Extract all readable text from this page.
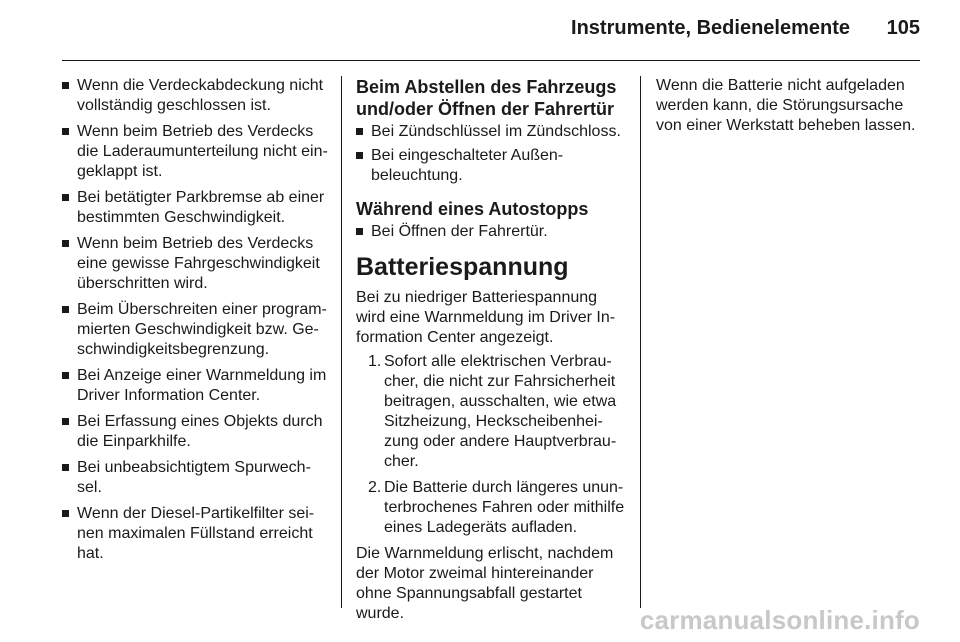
Instrumente, Bedienelemente 105
Wenn die Verdeckabdeckung nicht vollständig geschlossen ist.
Wenn beim Betrieb des Verdecks die Laderaumunterteilung nicht ein-geklappt ist.
Bei betätigter Parkbremse ab einer bestimmten Geschwindigkeit.
Wenn beim Betrieb des Verdecks eine gewisse Fahrgeschwindigkeit überschritten wird.
Beim Überschreiten einer program-mierten Geschwindigkeit bzw. Ge-schwindigkeitsbegrenzung.
Bei Anzeige einer Warnmeldung im Driver Information Center.
Bei Erfassung eines Objekts durch die Einparkhilfe.
Bei unbeabsichtigtem Spurwech-sel.
Wenn der Diesel-Partikelfilter sei-nen maximalen Füllstand erreicht hat.
Beim Abstellen des Fahrzeugs und/oder Öffnen der Fahrertür
Bei Zündschlüssel im Zündschloss.
Bei eingeschalteter Außen-beleuchtung.
Während eines Autostopps
Bei Öffnen der Fahrertür.
Batteriespannung

Bei zu niedriger Batteriespannung wird eine Warnmeldung im Driver In-formation Center angezeigt.

1. Sofort alle elektrischen Verbrau-cher, die nicht zur Fahrsicherheit beitragen, ausschalten, wie etwa Sitzheizung, Heckscheibenhei-zung oder andere Hauptverbrau-cher.
2. Die Batterie durch längeres unun-terbrochenes Fahren oder mithilfe eines Ladegeräts aufladen.

Die Warnmeldung erlischt, nachdem der Motor zweimal hintereinander ohne Spannungsabfall gestartet wurde.

Wenn die Batterie nicht aufgeladen werden kann, die Störungsursache von einer Werkstatt beheben lassen.

carmanualsonline.info
